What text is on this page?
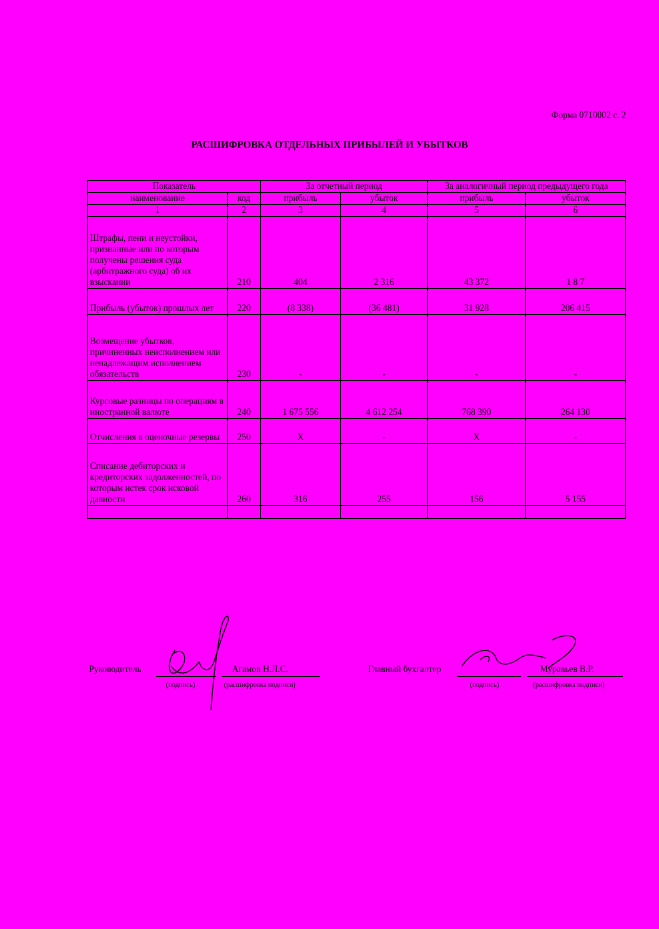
Форма 0710002 с. 2
РАСШИФРОВКА ОТДЕЛЬНЫХ ПРИБЫЛЕЙ И УБЫТКОВ
Показатель		За отчетный период		За аналогичный период предыдущего года	
наименование	код	прибыль	убыток	прибыль	убыток
1	2	3	4	5	6
Штрафы, пени и неустойки, признанные или по которым получены решения суда (арбитражного суда) об их взыскании	210	404	2 316	43 372	1 8 7
Прибыль (убыток) прошлых лет	220	(8 338)	(36 481)	31 928	206 415
Возмещение убытков, причиненных неисполнением или ненадлежащим исполнением обязательств	230	-	-	-	-
Курсовые разницы по операциям в иностранной валюте	240	1 675 556	4 612 254	768 390	264 130
Отчисления в оценочные резервы	250	X	-	X	-
Списание дебиторских и кредиторских задолженностей, по которым истек срок исковой давности	260	316	255	156	5 155

Руководитель	Агамов Н.Л.С.
(подпись)	(расшифровка подписи)
Главный бухгалтер	Муравьев В.Р.
(подпись)	(расшифровка подписи)
